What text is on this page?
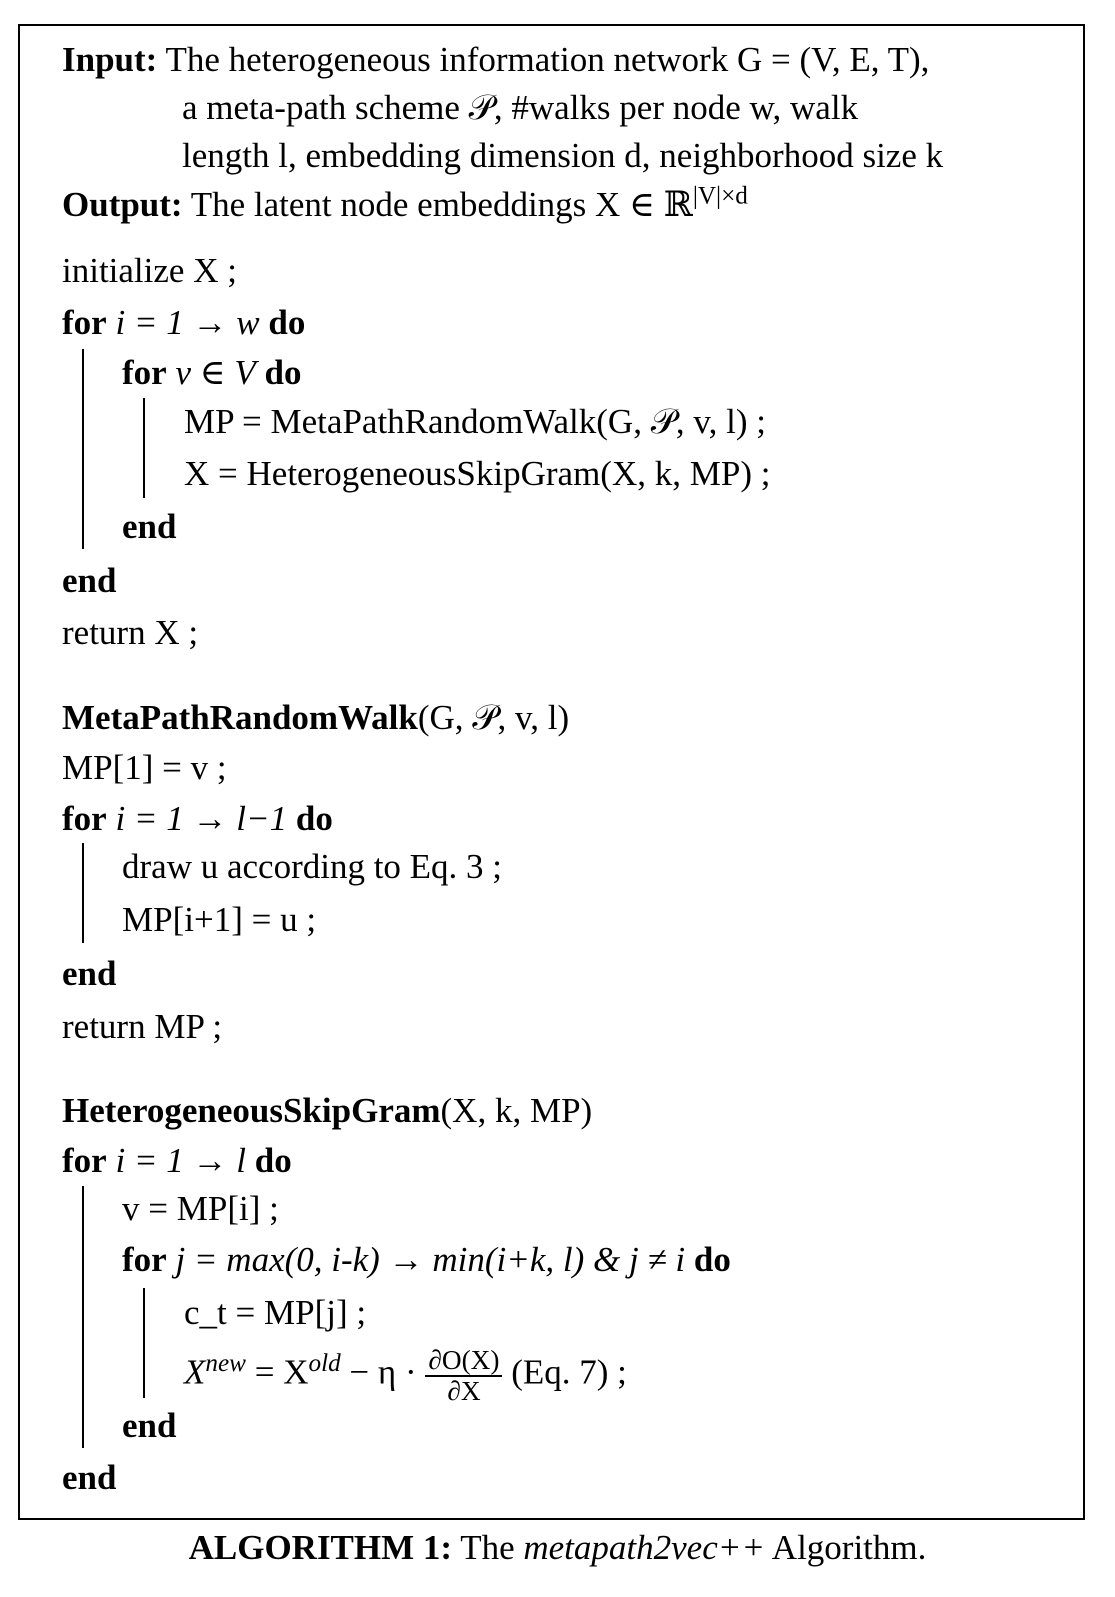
Input: The heterogeneous information network G = (V, E, T),
a meta-path scheme 𝒫, #walks per node w, walk
length l, embedding dimension d, neighborhood size k
Output: The latent node embeddings X ∈ ℝ$^{|V|\times d}$
initialize X ;
for i = 1 → w do
for v ∈ V do
MP = MetaPathRandomWalk(G, 𝒫, v, l) ;
X = HeterogeneousSkipGram(X, k, MP) ;
end
end
return X ;
MetaPathRandomWalk(G, 𝒫, v, l)
MP[1] = v ;
for i = 1 → l−1 do
draw u according to Eq. 3 ;
MP[i+1] = u ;
end
return MP ;
HeterogeneousSkipGram(X, k, MP)
for i = 1 → l do
v = MP[i] ;
for j = max(0, i-k) → min(i+k, l) & j ≠ i do
c_t = MP[j] ;
$X^{new} = X^{old} - \eta \cdot \frac{\partial O(X)}{\partial X} (Eq$. 7) ;
end
end
ALGORITHM 1: The metapath2vec++ Algorithm.
